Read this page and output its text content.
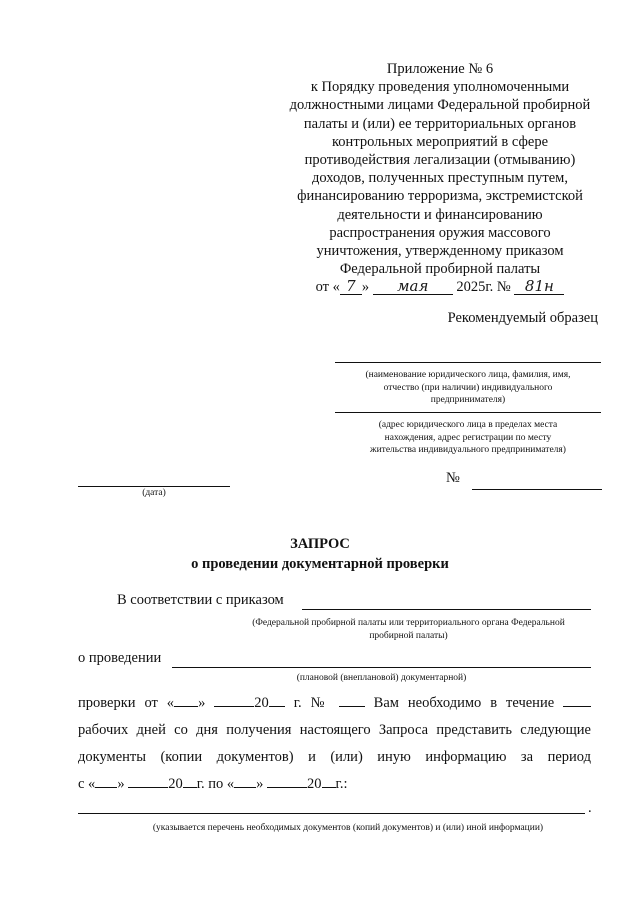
Приложение № 6
к Порядку проведения уполномоченными
должностными лицами Федеральной пробирной
палаты и (или) ее территориальных органов
контрольных мероприятий в сфере
противодействия легализации (отмыванию)
доходов, полученных преступным путем,
финансированию терроризма, экстремистской
деятельности и финансированию
распространения оружия массового
уничтожения, утвержденному приказом
Федеральной пробирной палаты
от « 7 » мая 2025г. № 81н
Рекомендуемый образец
(наименование юридического лица, фамилия, имя,
отчество (при наличии) индивидуального
предпринимателя)
(адрес юридического лица в пределах места
нахождения, адрес регистрации по месту
жительства индивидуального предпринимателя)
(дата)
№
ЗАПРОС
о проведении документарной проверки
В соответствии с приказом
(Федеральной пробирной палаты или территориального органа Федеральной
пробирной палаты)
о проведении
(плановой (внеплановой) документарной)
проверки от « »	20 г. №	Вам необходимо в течение
рабочих дней со дня получения настоящего Запроса представить следующие
документы (копии документов) и (или) иную информацию за период
с « »	20 г. по « »	20 г.:
.
(указывается перечень необходимых документов (копий документов) и (или) иной информации)
